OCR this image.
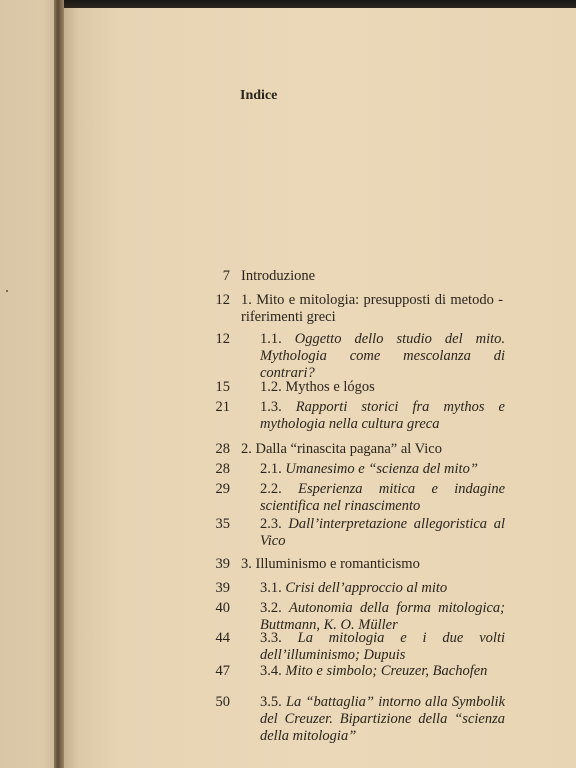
Indice
7 Introduzione
12 1. Mito e mitologia: presupposti di metodo - riferimenti greci
12 1.1. Oggetto dello studio del mito. Mythologia come mescolanza di contrari?
15 1.2. Mythos e lógos
21 1.3. Rapporti storici fra mythos e mythologia nella cultura greca
28 2. Dalla “rinascita pagana” al Vico
28 2.1. Umanesimo e “scienza del mito”
29 2.2. Esperienza mitica e indagine scientifica nel rinascimento
35 2.3. Dall’interpretazione allegoristica al Vico
39 3. Illuminismo e romanticismo
39 3.1. Crisi dell’approccio al mito
40 3.2. Autonomia della forma mitologica; Buttmann, K. O. Müller
44 3.3. La mitologia e i due volti dell’illuminismo; Dupuis
47 3.4. Mito e simbolo; Creuzer, Bachofen
50 3.5. La “battaglia” intorno alla Symbolik del Creuzer. Bipartizione della “scienza della mitologia”
